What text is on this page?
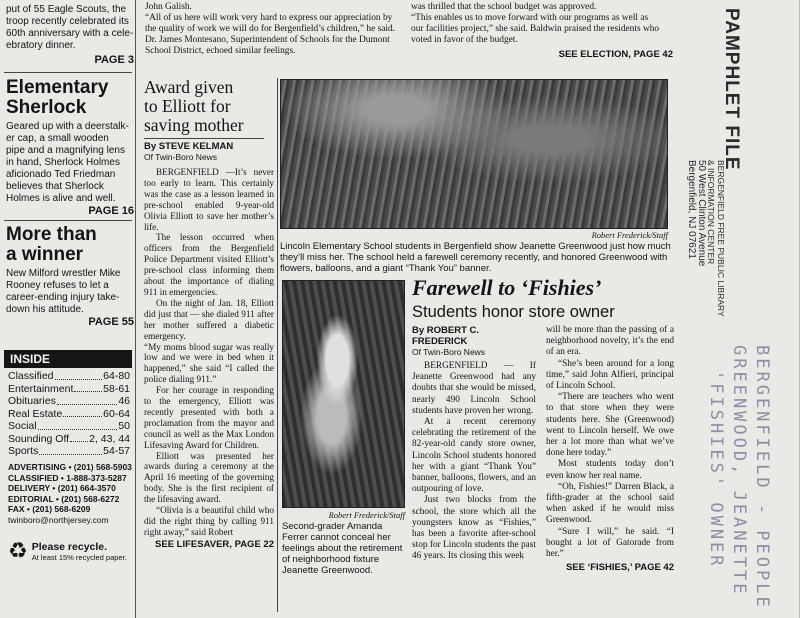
put of 55 Eagle Scouts, the
troop recently celebrated its
60th anniversary with a cele-
ebratory dinner.
PAGE 3
Elementary
Sherlock
Geared up with a deerstalk-
er cap, a small wooden
pipe and a magnifying lens
in hand, Sherlock Holmes
aficionado Ted Friedman
believes that Sherlock
Holmes is alive and well.
PAGE 16
More than
a winner
New Milford wrestler Mike
Rooney refuses to let a
career-ending injury take-
down his attitude.
PAGE 55
INSIDE
Classified	64-80
Entertainment	58-61
Obituaries	46
Real Estate	60-64
Social	50
Sounding Off 2, 43, 44
Sports	54-57
ADVERTISING • (201) 568-5903
CLASSIFIED • 1-888-373-5287
DELIVERY • (201) 664-3570
EDITORIAL • (201) 568-6272
FAX • (201) 568-6209
twinboro@northjersey.com
♻ Please recycle.
At least 15% recycled paper.
John Galish.
“All of us here will work very hard to express our appreciation by
the quality of work we will do for Bergenfield’s children,” he said.
Dr. James Montesano, Superintendent of Schools for the Dumont
School District, echoed similar feelings.
was thrilled that the school budget was approved.
“This enables us to move forward with our programs as well as
our facilities project,” she said. Baldwin praised the residents who
voted in favor of the budget.
SEE ELECTION, PAGE 42
Award given
to Elliott for
saving mother
By STEVE KELMAN
Of Twin-Boro News

BERGENFIELD —It’s never too early to learn. This certainly was the case as a lesson learned in pre-school enabled 9-year-old Olivia Elliott to save her mother’s life.

The lesson occurred when officers from the Bergenfield Police Department visited Elliott’s pre-school class informing them about the importance of dialing 911 in emergencies.

On the night of Jan. 18, Elliott did just that — she dialed 911 after her mother suffered a diabetic emergency.

“My moms blood sugar was really low and we were in bed when it happened,” she said “I called the police dialing 911.”

For her courage in responding to the emergency, Elliott was recently presented with both a proclamation from the mayor and council as well as the Max London Lifesaving Award for Children.

Elliott was presented her awards during a ceremony at the April 16 meeting of the governing body. She is the first recipient of the lifesaving award.

“Olivia is a beautiful child who did the right thing by calling 911 right away,” said Robert

SEE LIFESAVER, PAGE 22
Robert Frederick/Staff
Lincoln Elementary School students in Bergenfield show Jeanette Greenwood just how much they’ll miss her. The school held a farewell ceremony recently, and honored Greenwood with flowers, balloons, and a giant “Thank You” banner.
Robert Frederick/Staff
Second-grader Amanda Ferrer cannot conceal her feelings about the retirement of neighborhood fixture Jeanette Greenwood.
Farewell to ‘Fishies’
Students honor store owner
By ROBERT C. FREDERICK
Of Twin-Boro News

BERGENFIELD — If Jeanette Greenwood had any doubts that she would be missed, nearly 490 Lincoln School students have proven her wrong.

At a recent ceremony celebrating the retirement of the 82-year-old candy store owner, Lincoln School students honored her with a giant “Thank You” banner, balloons, flowers, and an outpouring of love.

Just two blocks from the school, the store which all the youngsters know as “Fishies,” has been a favorite after-school stop for Lincoln students the past 46 years. Its closing this week

will be more than the passing of a neighborhood novelty, it’s the end of an era.

“She’s been around for a long time,” said John Alfieri, principal of Lincoln School.

“There are teachers who went to that store when they were students here. She (Greenwood) went to Lincoln herself. We owe her a lot more than what we’ve done here today.”

Most students today don’t even know her real name.

“Oh, Fishies!” Darren Black, a fifth-grader at the school said when asked if he would miss Greenwood.

“Sure I will,” he said. “I bought a lot of Gatorade from her.”

SEE ‘FISHIES,’ PAGE 42
PAMPHLET FILE
BERGENFIELD FREE PUBLIC LIBRARY
& INFORMATION CENTER
50 West Clinton Avenue
Bergenfield, NJ 07621
BERGENFIELD - PEOPLE
GREENWOOD, JEANETTE
'FISHIES' OWNER
